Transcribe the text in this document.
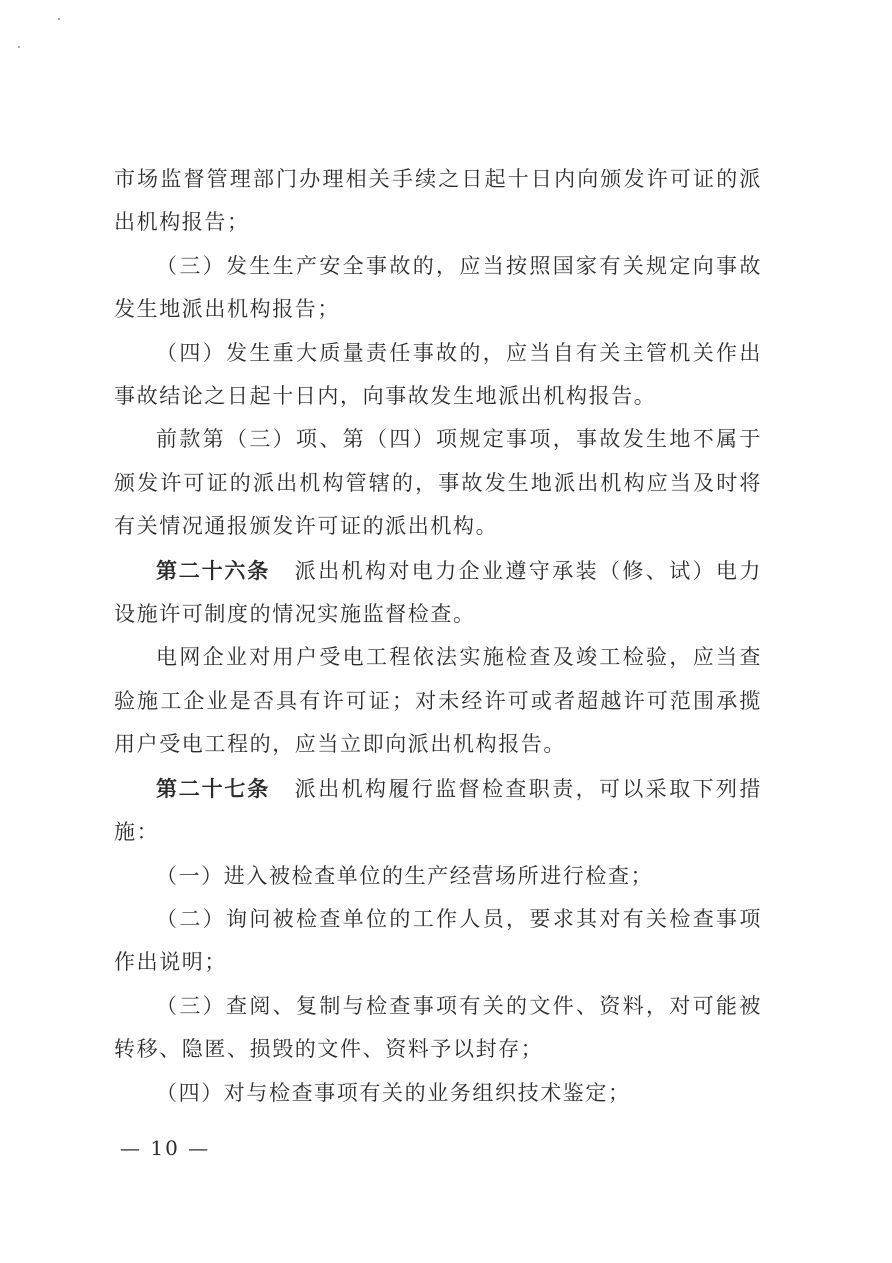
市场监督管理部门办理相关手续之日起十日内向颁发许可证的派出机构报告；

（三）发生生产安全事故的，应当按照国家有关规定向事故发生地派出机构报告；

（四）发生重大质量责任事故的，应当自有关主管机关作出事故结论之日起十日内，向事故发生地派出机构报告。

前款第（三）项、第（四）项规定事项，事故发生地不属于颁发许可证的派出机构管辖的，事故发生地派出机构应当及时将有关情况通报颁发许可证的派出机构。

第二十六条 派出机构对电力企业遵守承装（修、试）电力设施许可制度的情况实施监督检查。

电网企业对用户受电工程依法实施检查及竣工检验，应当查验施工企业是否具有许可证；对未经许可或者超越许可范围承揽用户受电工程的，应当立即向派出机构报告。

第二十七条 派出机构履行监督检查职责，可以采取下列措施：

（一）进入被检查单位的生产经营场所进行检查；

（二）询问被检查单位的工作人员，要求其对有关检查事项作出说明；

（三）查阅、复制与检查事项有关的文件、资料，对可能被转移、隐匿、损毁的文件、资料予以封存；

（四）对与检查事项有关的业务组织技术鉴定；

— 10 —
